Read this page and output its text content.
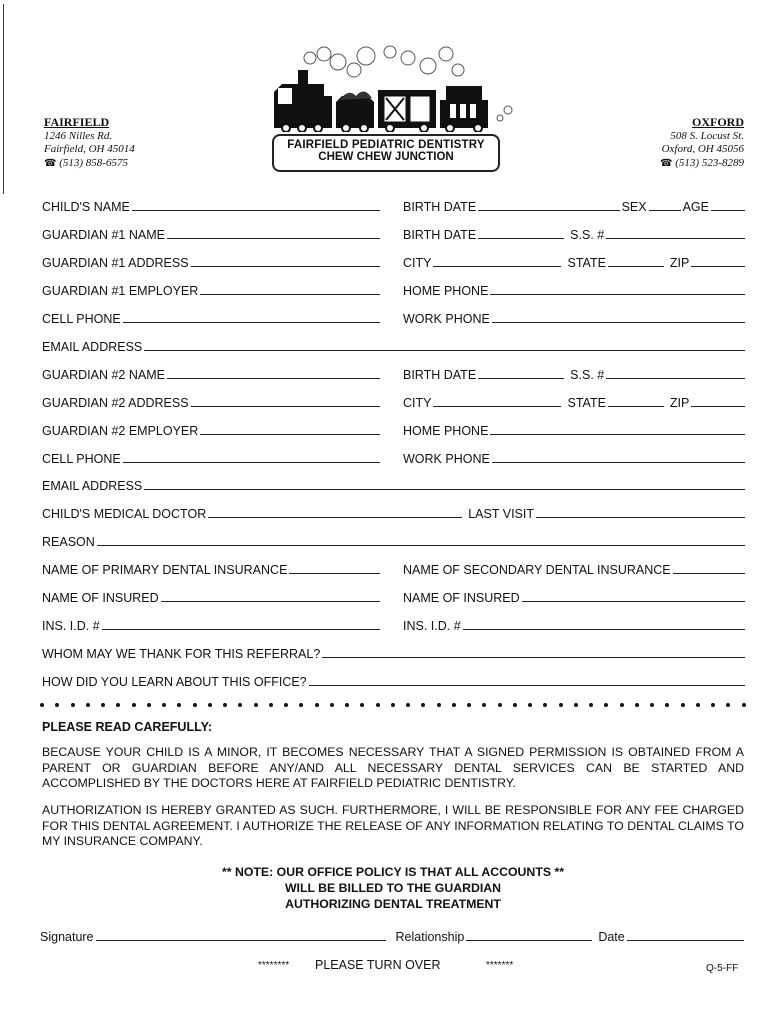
FAIRFIELD
1246 Nilles Rd.
Fairfield, OH 45014
☎ (513) 858-6575
OXFORD
508 S. Locust St.
Oxford, OH 45056
☎ (513) 523-8289
FAIRFIELD PEDIATRIC DENTISTRY
CHEW CHEW JUNCTION
CHILD'S NAME	BIRTH DATE	SEX	AGE
GUARDIAN #1 NAME	BIRTH DATE	S.S. #
GUARDIAN #1 ADDRESS	CITY	STATE	ZIP
GUARDIAN #1 EMPLOYER	HOME PHONE
CELL PHONE	WORK PHONE
EMAIL ADDRESS
GUARDIAN #2 NAME	BIRTH DATE	S.S. #
GUARDIAN #2 ADDRESS	CITY	STATE	ZIP
GUARDIAN #2 EMPLOYER	HOME PHONE
CELL PHONE	WORK PHONE
EMAIL ADDRESS
CHILD'S MEDICAL DOCTOR	LAST VISIT
REASON
NAME OF PRIMARY DENTAL INSURANCE	NAME OF SECONDARY DENTAL INSURANCE
NAME OF INSURED	NAME OF INSURED
INS. I.D. #	INS. I.D. #
WHOM MAY WE THANK FOR THIS REFERRAL?
HOW DID YOU LEARN ABOUT THIS OFFICE?
PLEASE READ CAREFULLY:
BECAUSE YOUR CHILD IS A MINOR, IT BECOMES NECESSARY THAT A SIGNED PERMISSION IS OBTAINED FROM A PARENT OR GUARDIAN BEFORE ANY/AND ALL NECESSARY DENTAL SERVICES CAN BE STARTED AND ACCOMPLISHED BY THE DOCTORS HERE AT FAIRFIELD PEDIATRIC DENTISTRY.
AUTHORIZATION IS HEREBY GRANTED AS SUCH. FURTHERMORE, I WILL BE RESPONSIBLE FOR ANY FEE CHARGED FOR THIS DENTAL AGREEMENT. I AUTHORIZE THE RELEASE OF ANY INFORMATION RELATING TO DENTAL CLAIMS TO MY INSURANCE COMPANY.
** NOTE: OUR OFFICE POLICY IS THAT ALL ACCOUNTS **
WILL BE BILLED TO THE GUARDIAN
AUTHORIZING DENTAL TREATMENT
Signature	Relationship	Date
******** PLEASE TURN OVER	*******	Q-5-FF
